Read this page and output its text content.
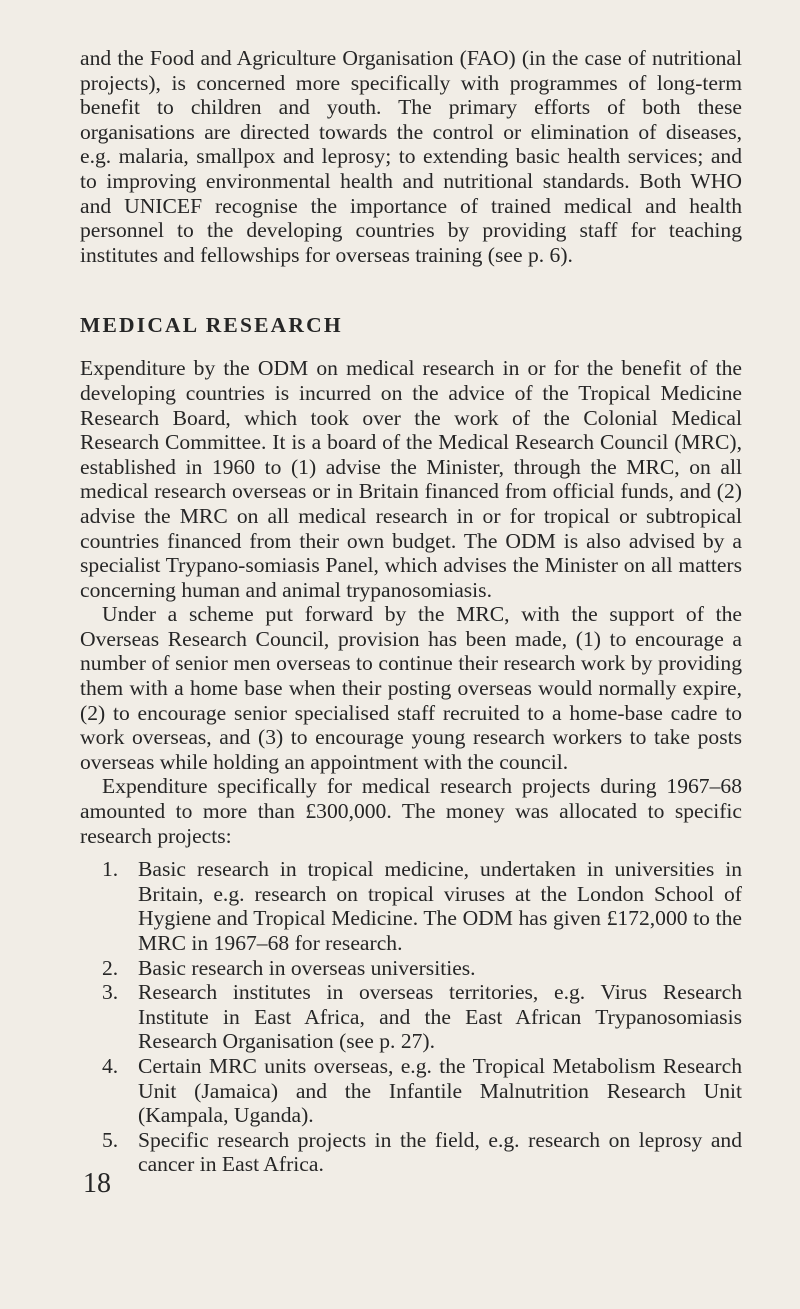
and the Food and Agriculture Organisation (FAO) (in the case of nutritional projects), is concerned more specifically with programmes of long-term benefit to children and youth. The primary efforts of both these organisations are directed towards the control or elimination of diseases, e.g. malaria, smallpox and leprosy; to extending basic health services; and to improving environmental health and nutritional standards. Both WHO and UNICEF recognise the importance of trained medical and health personnel to the developing countries by providing staff for teaching institutes and fellowships for overseas training (see p. 6).

MEDICAL RESEARCH

Expenditure by the ODM on medical research in or for the benefit of the developing countries is incurred on the advice of the Tropical Medicine Research Board, which took over the work of the Colonial Medical Research Committee. It is a board of the Medical Research Council (MRC), established in 1960 to (1) advise the Minister, through the MRC, on all medical research overseas or in Britain financed from official funds, and (2) advise the MRC on all medical research in or for tropical or subtropical countries financed from their own budget. The ODM is also advised by a specialist Trypano-somiasis Panel, which advises the Minister on all matters concerning human and animal trypanosomiasis.

Under a scheme put forward by the MRC, with the support of the Overseas Research Council, provision has been made, (1) to encourage a number of senior men overseas to continue their research work by providing them with a home base when their posting overseas would normally expire, (2) to encourage senior specialised staff recruited to a home-base cadre to work overseas, and (3) to encourage young research workers to take posts overseas while holding an appointment with the council.

Expenditure specifically for medical research projects during 1967–68 amounted to more than £300,000. The money was allocated to specific research projects:

1. Basic research in tropical medicine, undertaken in universities in Britain, e.g. research on tropical viruses at the London School of Hygiene and Tropical Medicine. The ODM has given £172,000 to the MRC in 1967–68 for research.
2. Basic research in overseas universities.
3. Research institutes in overseas territories, e.g. Virus Research Institute in East Africa, and the East African Trypanosomiasis Research Organisation (see p. 27).
4. Certain MRC units overseas, e.g. the Tropical Metabolism Research Unit (Jamaica) and the Infantile Malnutrition Research Unit (Kampala, Uganda).
5. Specific research projects in the field, e.g. research on leprosy and cancer in East Africa.
18
